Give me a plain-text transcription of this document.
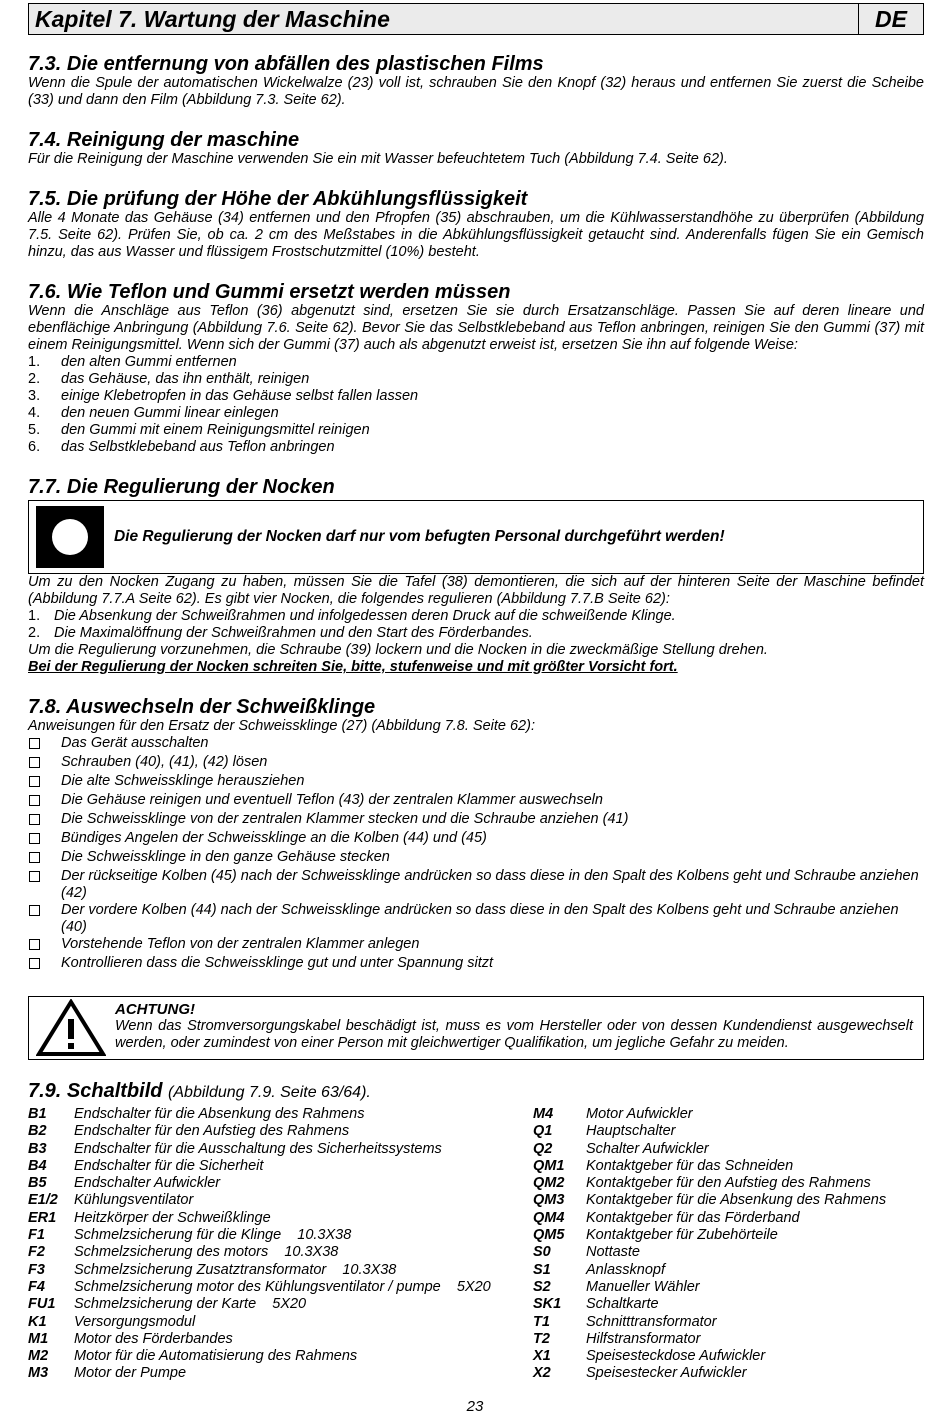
Kapitel 7. Wartung der Maschine	DE
7.3. Die entfernung von abfällen des plastischen Films

Wenn die Spule der automatischen Wickelwalze (23) voll ist, schrauben Sie den Knopf (32) heraus und entfernen Sie zuerst die Scheibe (33) und dann den Film (Abbildung 7.3. Seite 62).

7.4. Reinigung der maschine

Für die Reinigung der Maschine verwenden Sie ein mit Wasser befeuchtetem Tuch (Abbildung 7.4. Seite 62).

7.5. Die prüfung der Höhe der Abkühlungsflüssigkeit

Alle 4 Monate das Gehäuse (34) entfernen und den Pfropfen (35) abschrauben, um die Kühlwasserstandhöhe zu überprüfen (Abbildung 7.5. Seite 62). Prüfen Sie, ob ca. 2 cm des Meßstabes in die Abkühlungsflüssigkeit getaucht sind. Anderenfalls fügen Sie ein Gemisch hinzu, das aus Wasser und flüssigem Frostschutzmittel (10%) besteht.

7.6. Wie Teflon und Gummi ersetzt werden müssen

Wenn die Anschläge aus Teflon (36) abgenutzt sind, ersetzen Sie sie durch Ersatzanschläge. Passen Sie auf deren lineare und ebenflächige Anbringung (Abbildung 7.6. Seite 62). Bevor Sie das Selbstklebeband aus Teflon anbringen, reinigen Sie den Gummi (37) mit einem Reinigungsmittel. Wenn sich der Gummi (37) auch als abgenutzt erweist ist, ersetzen Sie ihn auf folgende Weise:

1.	den alten Gummi entfernen
2.	das Gehäuse, das ihn enthält, reinigen
3.	einige Klebetropfen in das Gehäuse selbst fallen lassen
4.	den neuen Gummi linear einlegen
5.	den Gummi mit einem Reinigungsmittel reinigen
6.	das Selbstklebeband aus Teflon anbringen
7.7. Die Regulierung der Nocken
Die Regulierung der Nocken darf nur vom befugten Personal durchgeführt werden!

Um zu den Nocken Zugang zu haben, müssen Sie die Tafel (38) demontieren, die sich auf der hinteren Seite der Maschine befindet (Abbildung 7.7.A Seite 62). Es gibt vier Nocken, die folgendes regulieren (Abbildung 7.7.B Seite 62):

1. Die Absenkung der Schweißrahmen und infolgedessen deren Druck auf die schweißende Klinge.
2. Die Maximalöffnung der Schweißrahmen und den Start des Förderbandes.

Um die Regulierung vorzunehmen, die Schraube (39) lockern und die Nocken in die zweckmäßige Stellung drehen.

Bei der Regulierung der Nocken schreiten Sie, bitte, stufenweise und mit größter Vorsicht fort.

7.8. Auswechseln der Schweißklinge

Anweisungen für den Ersatz der Schweissklinge (27) (Abbildung 7.8. Seite 62):

Das Gerät ausschalten
Schrauben (40), (41), (42) lösen
Die alte Schweissklinge herausziehen
Die Gehäuse reinigen und eventuell Teflon (43) der zentralen Klammer auswechseln
Die Schweissklinge von der zentralen Klammer stecken und die Schraube anziehen (41)
Bündiges Angelen der Schweissklinge an die Kolben (44) und (45)
Die Schweissklinge in den ganze Gehäuse stecken
Der rückseitige Kolben (45) nach der Schweissklinge andrücken so dass diese in den Spalt des Kolbens geht und Schraube anziehen (42)
Der vordere Kolben (44) nach der Schweissklinge andrücken so dass diese in den Spalt des Kolbens geht und Schraube anziehen (40)
Vorstehende Teflon von der zentralen Klammer anlegen
Kontrollieren dass die Schweissklinge gut und unter Spannung sitzt
ACHTUNG!

Wenn das Stromversorgungskabel beschädigt ist, muss es vom Hersteller oder von dessen Kundendienst ausgewechselt werden, oder zumindest von einer Person mit gleichwertiger Qualifikation, um jegliche Gefahr zu meiden.

7.9. Schaltbild (Abbildung 7.9. Seite 63/64).
B1	Endschalter für die Absenkung des Rahmens
B2	Endschalter für den Aufstieg des Rahmens
B3	Endschalter für die Ausschaltung des Sicherheitssystems
B4	Endschalter für die Sicherheit
B5	Endschalter Aufwickler
E1/2	Kühlungsventilator
ER1	Heitzkörper der Schweißklinge
F1	Schmelzsicherung für die Klinge    10.3X38
F2	Schmelzsicherung des motors    10.3X38
F3	Schmelzsicherung Zusatztransformator    10.3X38
F4	Schmelzsicherung motor des Kühlungsventilator / pumpe    5X20
FU1	Schmelzsicherung der Karte    5X20
K1	Versorgungsmodul
M1	Motor des Förderbandes
M2	Motor für die Automatisierung des Rahmens
M3	Motor der Pumpe
M4	Motor Aufwickler
Q1	Hauptschalter
Q2	Schalter Aufwickler
QM1	Kontaktgeber für das Schneiden
QM2	Kontaktgeber für den Aufstieg des Rahmens
QM3	Kontaktgeber für die Absenkung des Rahmens
QM4	Kontaktgeber für das Förderband
QM5	Kontaktgeber für Zubehörteile
S0	Nottaste
S1	Anlassknopf
S2	Manueller Wähler
SK1	Schaltkarte
T1	Schnitttransformator
T2	Hilfstransformator
X1	Speisesteckdose Aufwickler
X2	Speisestecker Aufwickler
23
